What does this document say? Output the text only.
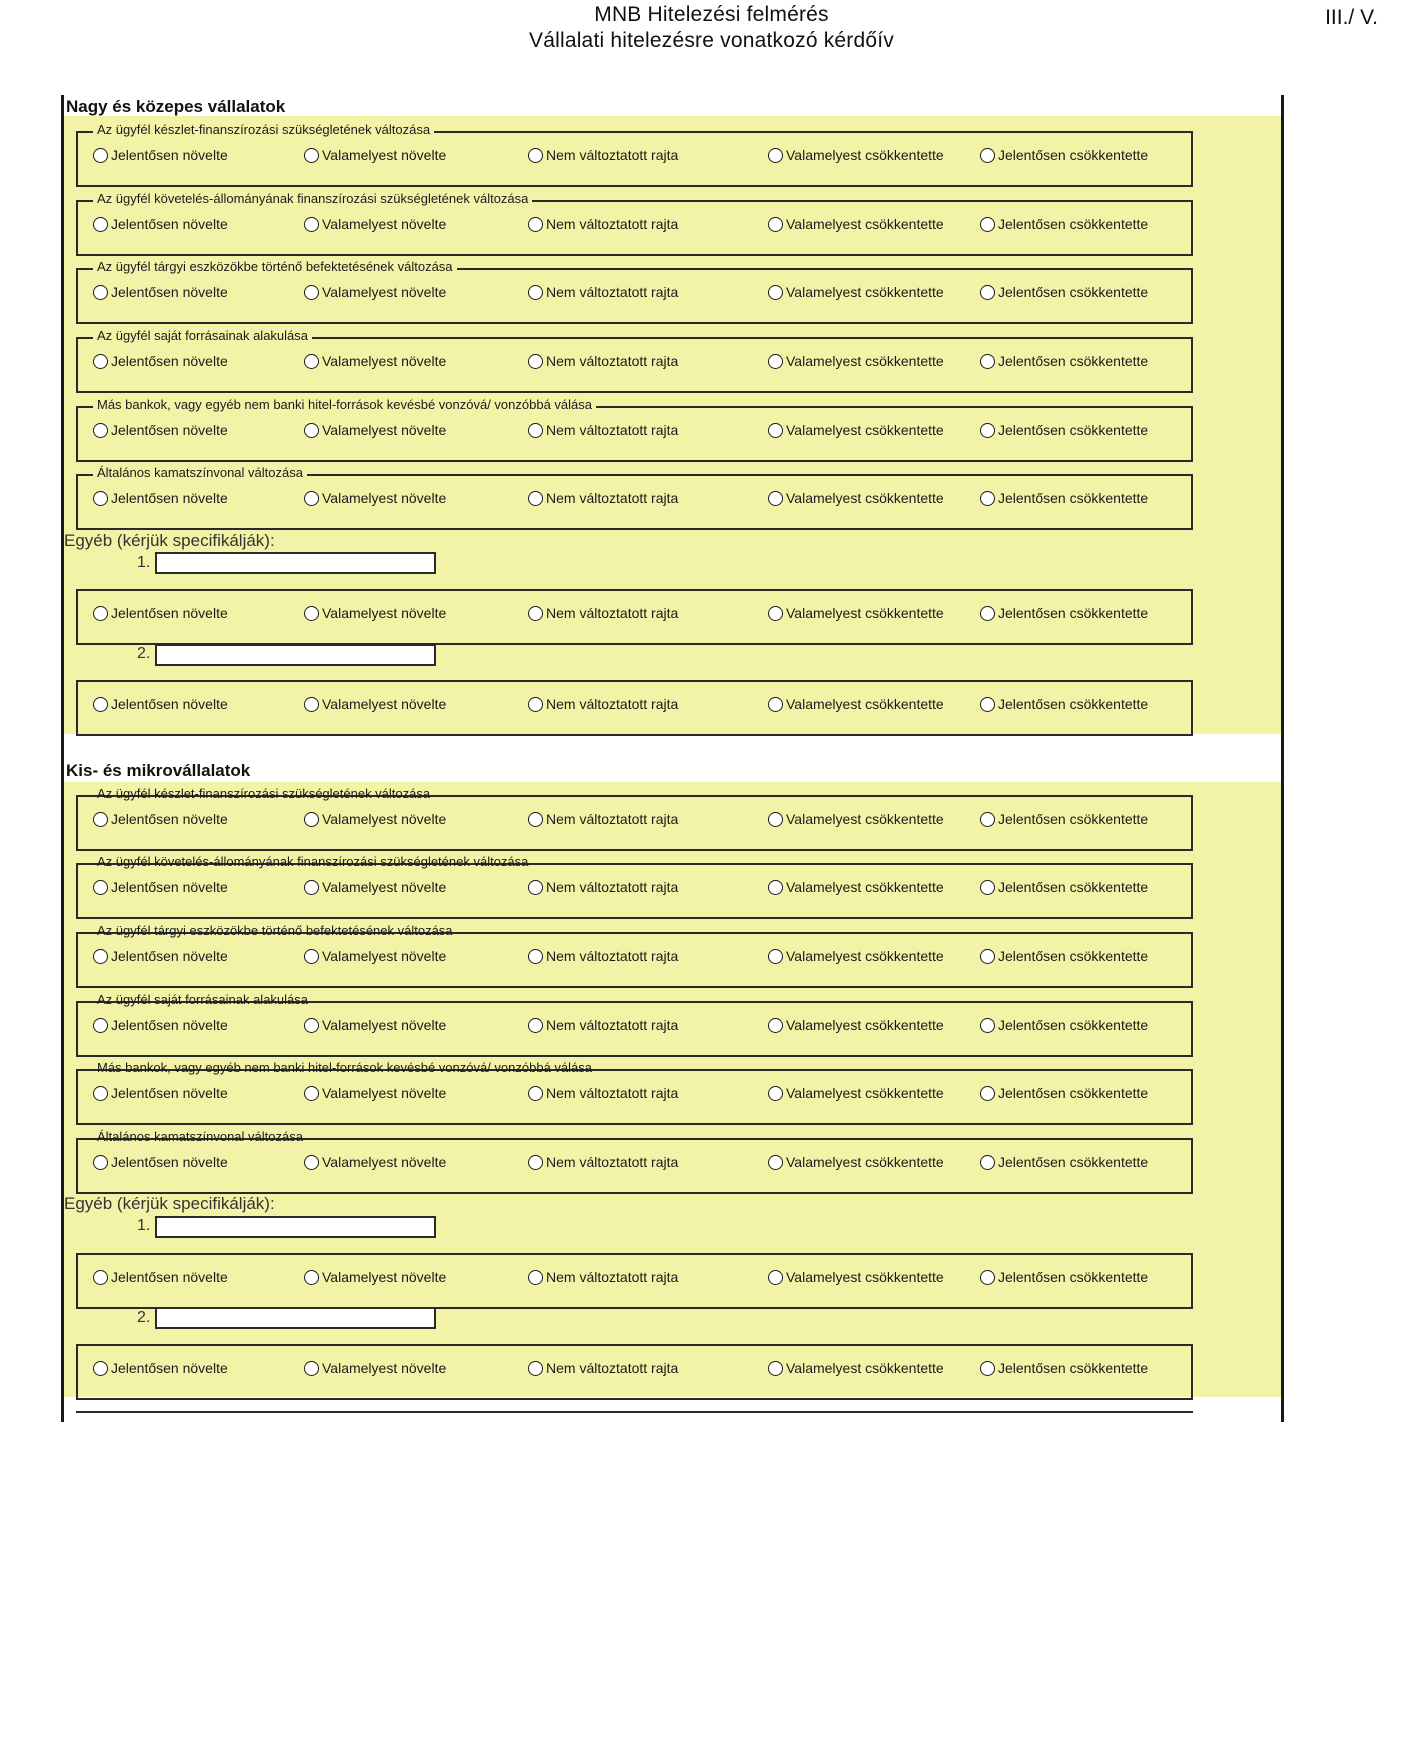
MNB Hitelezési felmérés
Vállalati hitelezésre vonatkozó kérdőív
III./ V.
Nagy és közepes vállalatok
Az ügyfél készlet-finanszírozási szükségletének változása
Jelentősen növelte	Valamelyest növelte	Nem változtatott rajta	Valamelyest csökkentette	Jelentősen csökkentette
Az ügyfél követelés-állományának finanszírozási szükségletének változása
Jelentősen növelte	Valamelyest növelte	Nem változtatott rajta	Valamelyest csökkentette	Jelentősen csökkentette
Az ügyfél tárgyi eszközökbe történő befektetésének változása
Jelentősen növelte	Valamelyest növelte	Nem változtatott rajta	Valamelyest csökkentette	Jelentősen csökkentette
Az ügyfél saját forrásainak alakulása
Jelentősen növelte	Valamelyest növelte	Nem változtatott rajta	Valamelyest csökkentette	Jelentősen csökkentette
Más bankok, vagy egyéb nem banki hitel-források kevésbé vonzóvá/ vonzóbbá válása
Jelentősen növelte	Valamelyest növelte	Nem változtatott rajta	Valamelyest csökkentette	Jelentősen csökkentette
Általános kamatszínvonal változása
Jelentősen növelte	Valamelyest növelte	Nem változtatott rajta	Valamelyest csökkentette	Jelentősen csökkentette
Jelentősen növelte	Valamelyest növelte	Nem változtatott rajta	Valamelyest csökkentette	Jelentősen csökkentette
Jelentősen növelte	Valamelyest növelte	Nem változtatott rajta	Valamelyest csökkentette	Jelentősen csökkentette
Egyéb (kérjük specifikálják):
1.
2.
Kis- és mikrovállalatok
Az ügyfél készlet-finanszírozási szükségletének változása
Jelentősen növelte	Valamelyest növelte	Nem változtatott rajta	Valamelyest csökkentette	Jelentősen csökkentette
Az ügyfél követelés-állományának finanszírozási szükségletének változása
Jelentősen növelte	Valamelyest növelte	Nem változtatott rajta	Valamelyest csökkentette	Jelentősen csökkentette
Az ügyfél tárgyi eszközökbe történő befektetésének változása
Jelentősen növelte	Valamelyest növelte	Nem változtatott rajta	Valamelyest csökkentette	Jelentősen csökkentette
Az ügyfél saját forrásainak alakulása
Jelentősen növelte	Valamelyest növelte	Nem változtatott rajta	Valamelyest csökkentette	Jelentősen csökkentette
Más bankok, vagy egyéb nem banki hitel-források kevésbé vonzóvá/ vonzóbbá válása
Jelentősen növelte	Valamelyest növelte	Nem változtatott rajta	Valamelyest csökkentette	Jelentősen csökkentette
Általános kamatszínvonal változása
Jelentősen növelte	Valamelyest növelte	Nem változtatott rajta	Valamelyest csökkentette	Jelentősen csökkentette
Jelentősen növelte	Valamelyest növelte	Nem változtatott rajta	Valamelyest csökkentette	Jelentősen csökkentette
Jelentősen növelte	Valamelyest növelte	Nem változtatott rajta	Valamelyest csökkentette	Jelentősen csökkentette
Egyéb (kérjük specifikálják):
1.
2.
